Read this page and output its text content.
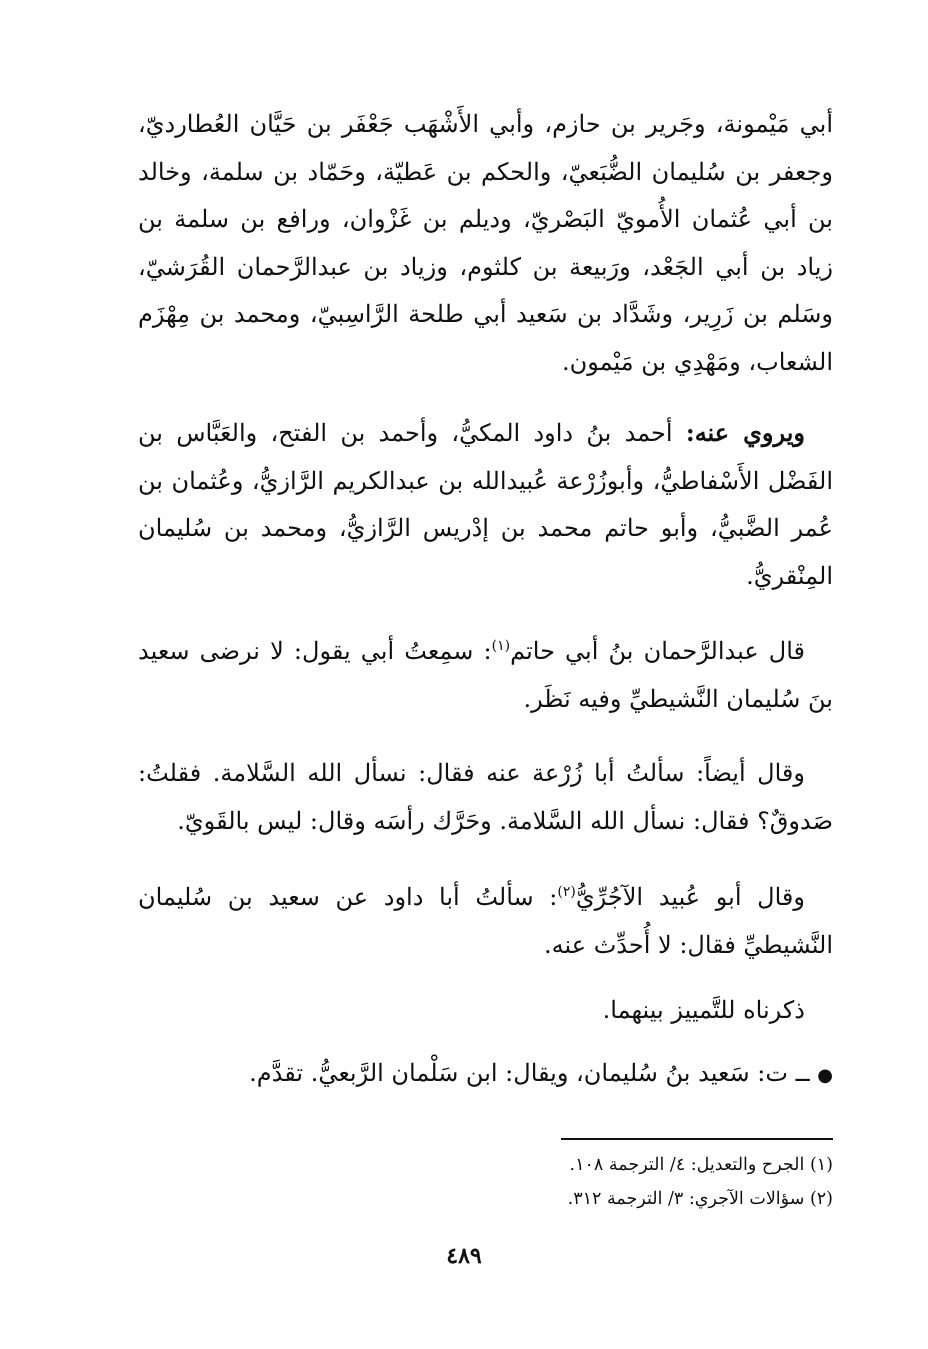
أبي مَيْمونة، وجَرير بن حازم، وأبي الأَشْهَب جَعْفَر بن حَيَّان العُطارديّ، وجعفر بن سُليمان الضُّبَعيّ، والحكم بن عَطيّة، وحَمّاد بن سلمة، وخالد بن أبي عُثمان الأُمويّ البَصْريّ، وديلم بن غَزْوان، ورافع بن سلمة بن زياد بن أبي الجَعْد، ورَبيعة بن كلثوم، وزياد بن عبدالرَّحمان القُرَشيّ، وسَلم بن زَرِير، وشَدَّاد بن سَعيد أبي طلحة الرَّاسِبيّ، ومحمد بن مِهْزَم الشعاب، ومَهْدِي بن مَيْمون.
ويروي عنه: أحمد بنُ داود المكيُّ، وأحمد بن الفتح، والعَبَّاس بن الفَضْل الأَسْفاطيُّ، وأبوزُرْعة عُبيدالله بن عبدالكريم الرَّازيُّ، وعُثمان بن عُمر الضَّبيُّ، وأبو حاتم محمد بن إدْريس الرَّازيُّ، ومحمد بن سُليمان المِنْقريُّ.
قال عبدالرَّحمان بنُ أبي حاتم$^{(١)}$: سمِعتُ أبي يقول: لا نرضى سعيد بنَ سُليمان النَّشيطيِّ وفيه نَظَر.
وقال أيضاً: سألتُ أبا زُرْعة عنه فقال: نسأل الله السَّلامة. فقلتُ: صَدوقٌ؟ فقال: نسأل الله السَّلامة. وحَرَّك رأسَه وقال: ليس بالقَويّ.
وقال أبو عُبيد الآجُرِّيُّ$^{(٢)}$: سألتُ أبا داود عن سعيد بن سُليمان النَّشيطيِّ فقال: لا أُحدِّث عنه.
ذكرناه للتَّمييز بينهما.
● ــ ت: سَعيد بنُ سُليمان، ويقال: ابن سَلْمان الرَّبعيُّ. تقدَّم.
(١) الجرح والتعديل: ٤/ الترجمة ١٠٨.
(٢) سؤالات الآجري: ٣/ الترجمة ٣١٢.
٤٨٩
